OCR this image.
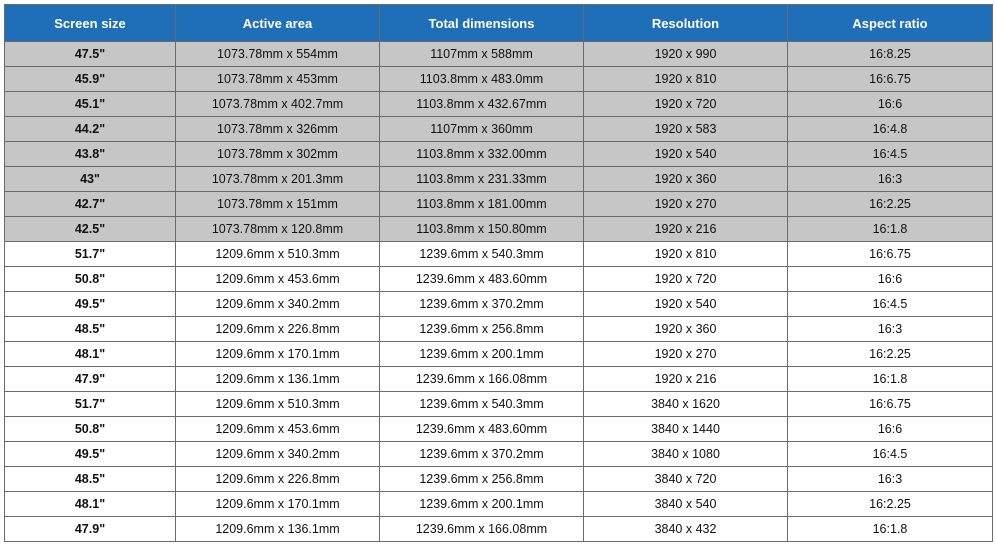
Screen size	Active area	Total dimensions	Resolution	Aspect ratio
47.5"	1073.78mm x 554mm	1107mm x 588mm	1920 x 990	16:8.25
45.9"	1073.78mm x 453mm	1103.8mm x 483.0mm	1920 x 810	16:6.75
45.1"	1073.78mm x 402.7mm	1103.8mm x 432.67mm	1920 x 720	16:6
44.2"	1073.78mm x 326mm	1107mm x 360mm	1920 x 583	16:4.8
43.8"	1073.78mm x 302mm	1103.8mm x 332.00mm	1920 x 540	16:4.5
43"	1073.78mm x 201.3mm	1103.8mm x 231.33mm	1920 x 360	16:3
42.7"	1073.78mm x 151mm	1103.8mm x 181.00mm	1920 x 270	16:2.25
42.5"	1073.78mm x 120.8mm	1103.8mm x 150.80mm	1920 x 216	16:1.8
51.7"	1209.6mm x 510.3mm	1239.6mm x 540.3mm	1920 x 810	16:6.75
50.8"	1209.6mm x 453.6mm	1239.6mm x 483.60mm	1920 x 720	16:6
49.5"	1209.6mm x 340.2mm	1239.6mm x 370.2mm	1920 x 540	16:4.5
48.5"	1209.6mm x 226.8mm	1239.6mm x 256.8mm	1920 x 360	16:3
48.1"	1209.6mm x 170.1mm	1239.6mm x 200.1mm	1920 x 270	16:2.25
47.9"	1209.6mm x 136.1mm	1239.6mm x 166.08mm	1920 x 216	16:1.8
51.7"	1209.6mm x 510.3mm	1239.6mm x 540.3mm	3840 x 1620	16:6.75
50.8"	1209.6mm x 453.6mm	1239.6mm x 483.60mm	3840 x 1440	16:6
49.5"	1209.6mm x 340.2mm	1239.6mm x 370.2mm	3840 x 1080	16:4.5
48.5"	1209.6mm x 226.8mm	1239.6mm x 256.8mm	3840 x 720	16:3
48.1"	1209.6mm x 170.1mm	1239.6mm x 200.1mm	3840 x 540	16:2.25
47.9"	1209.6mm x 136.1mm	1239.6mm x 166.08mm	3840 x 432	16:1.8
